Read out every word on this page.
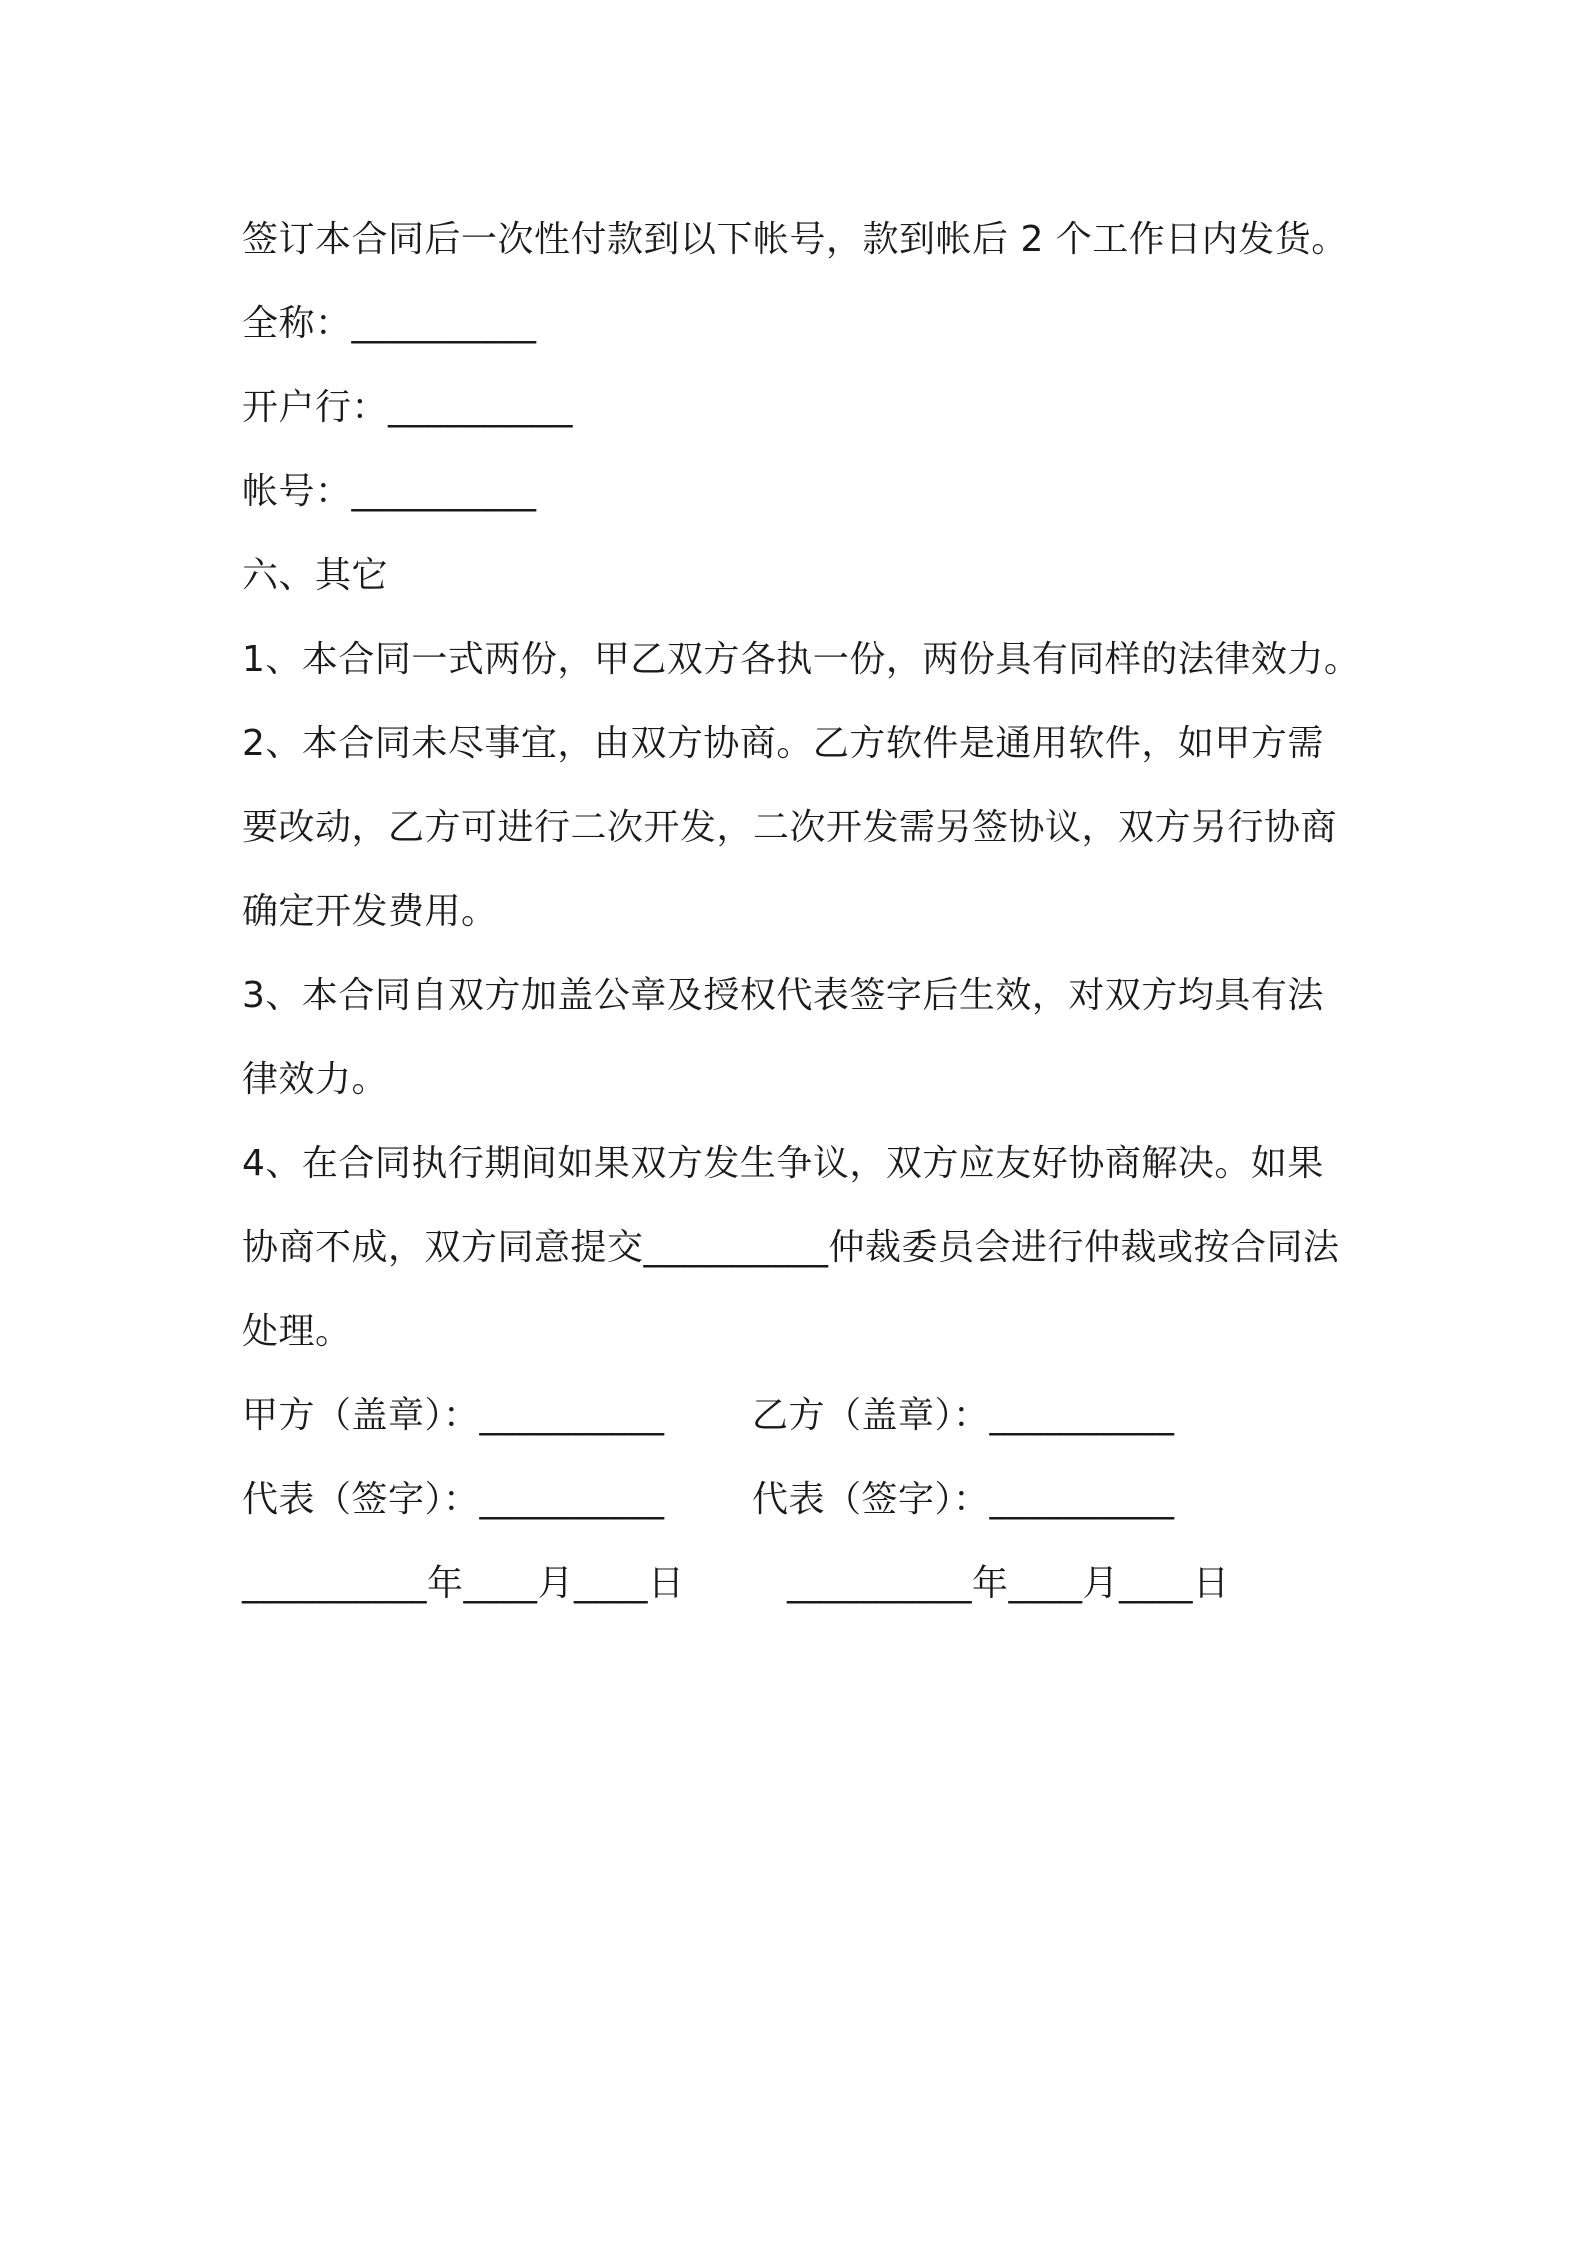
签订本合同后一次性付款到以下帐号，款到帐后 2 个工作日内发货。
全称：__________
开户行：__________
帐号：__________
六、其它
1、本合同一式两份，甲乙双方各执一份，两份具有同样的法律效力。
2、本合同未尽事宜，由双方协商。乙方软件是通用软件，如甲方需
要改动，乙方可进行二次开发，二次开发需另签协议，双方另行协商
确定开发费用。
3、本合同自双方加盖公章及授权代表签字后生效，对双方均具有法
律效力。
4、在合同执行期间如果双方发生争议，双方应友好协商解决。如果
协商不成，双方同意提交__________仲裁委员会进行仲裁或按合同法
处理。
甲方（盖章）：__________	乙方（盖章）：__________
代表（签字）：__________	代表（签字）：__________
__________年____月____日	__________年____月____日
